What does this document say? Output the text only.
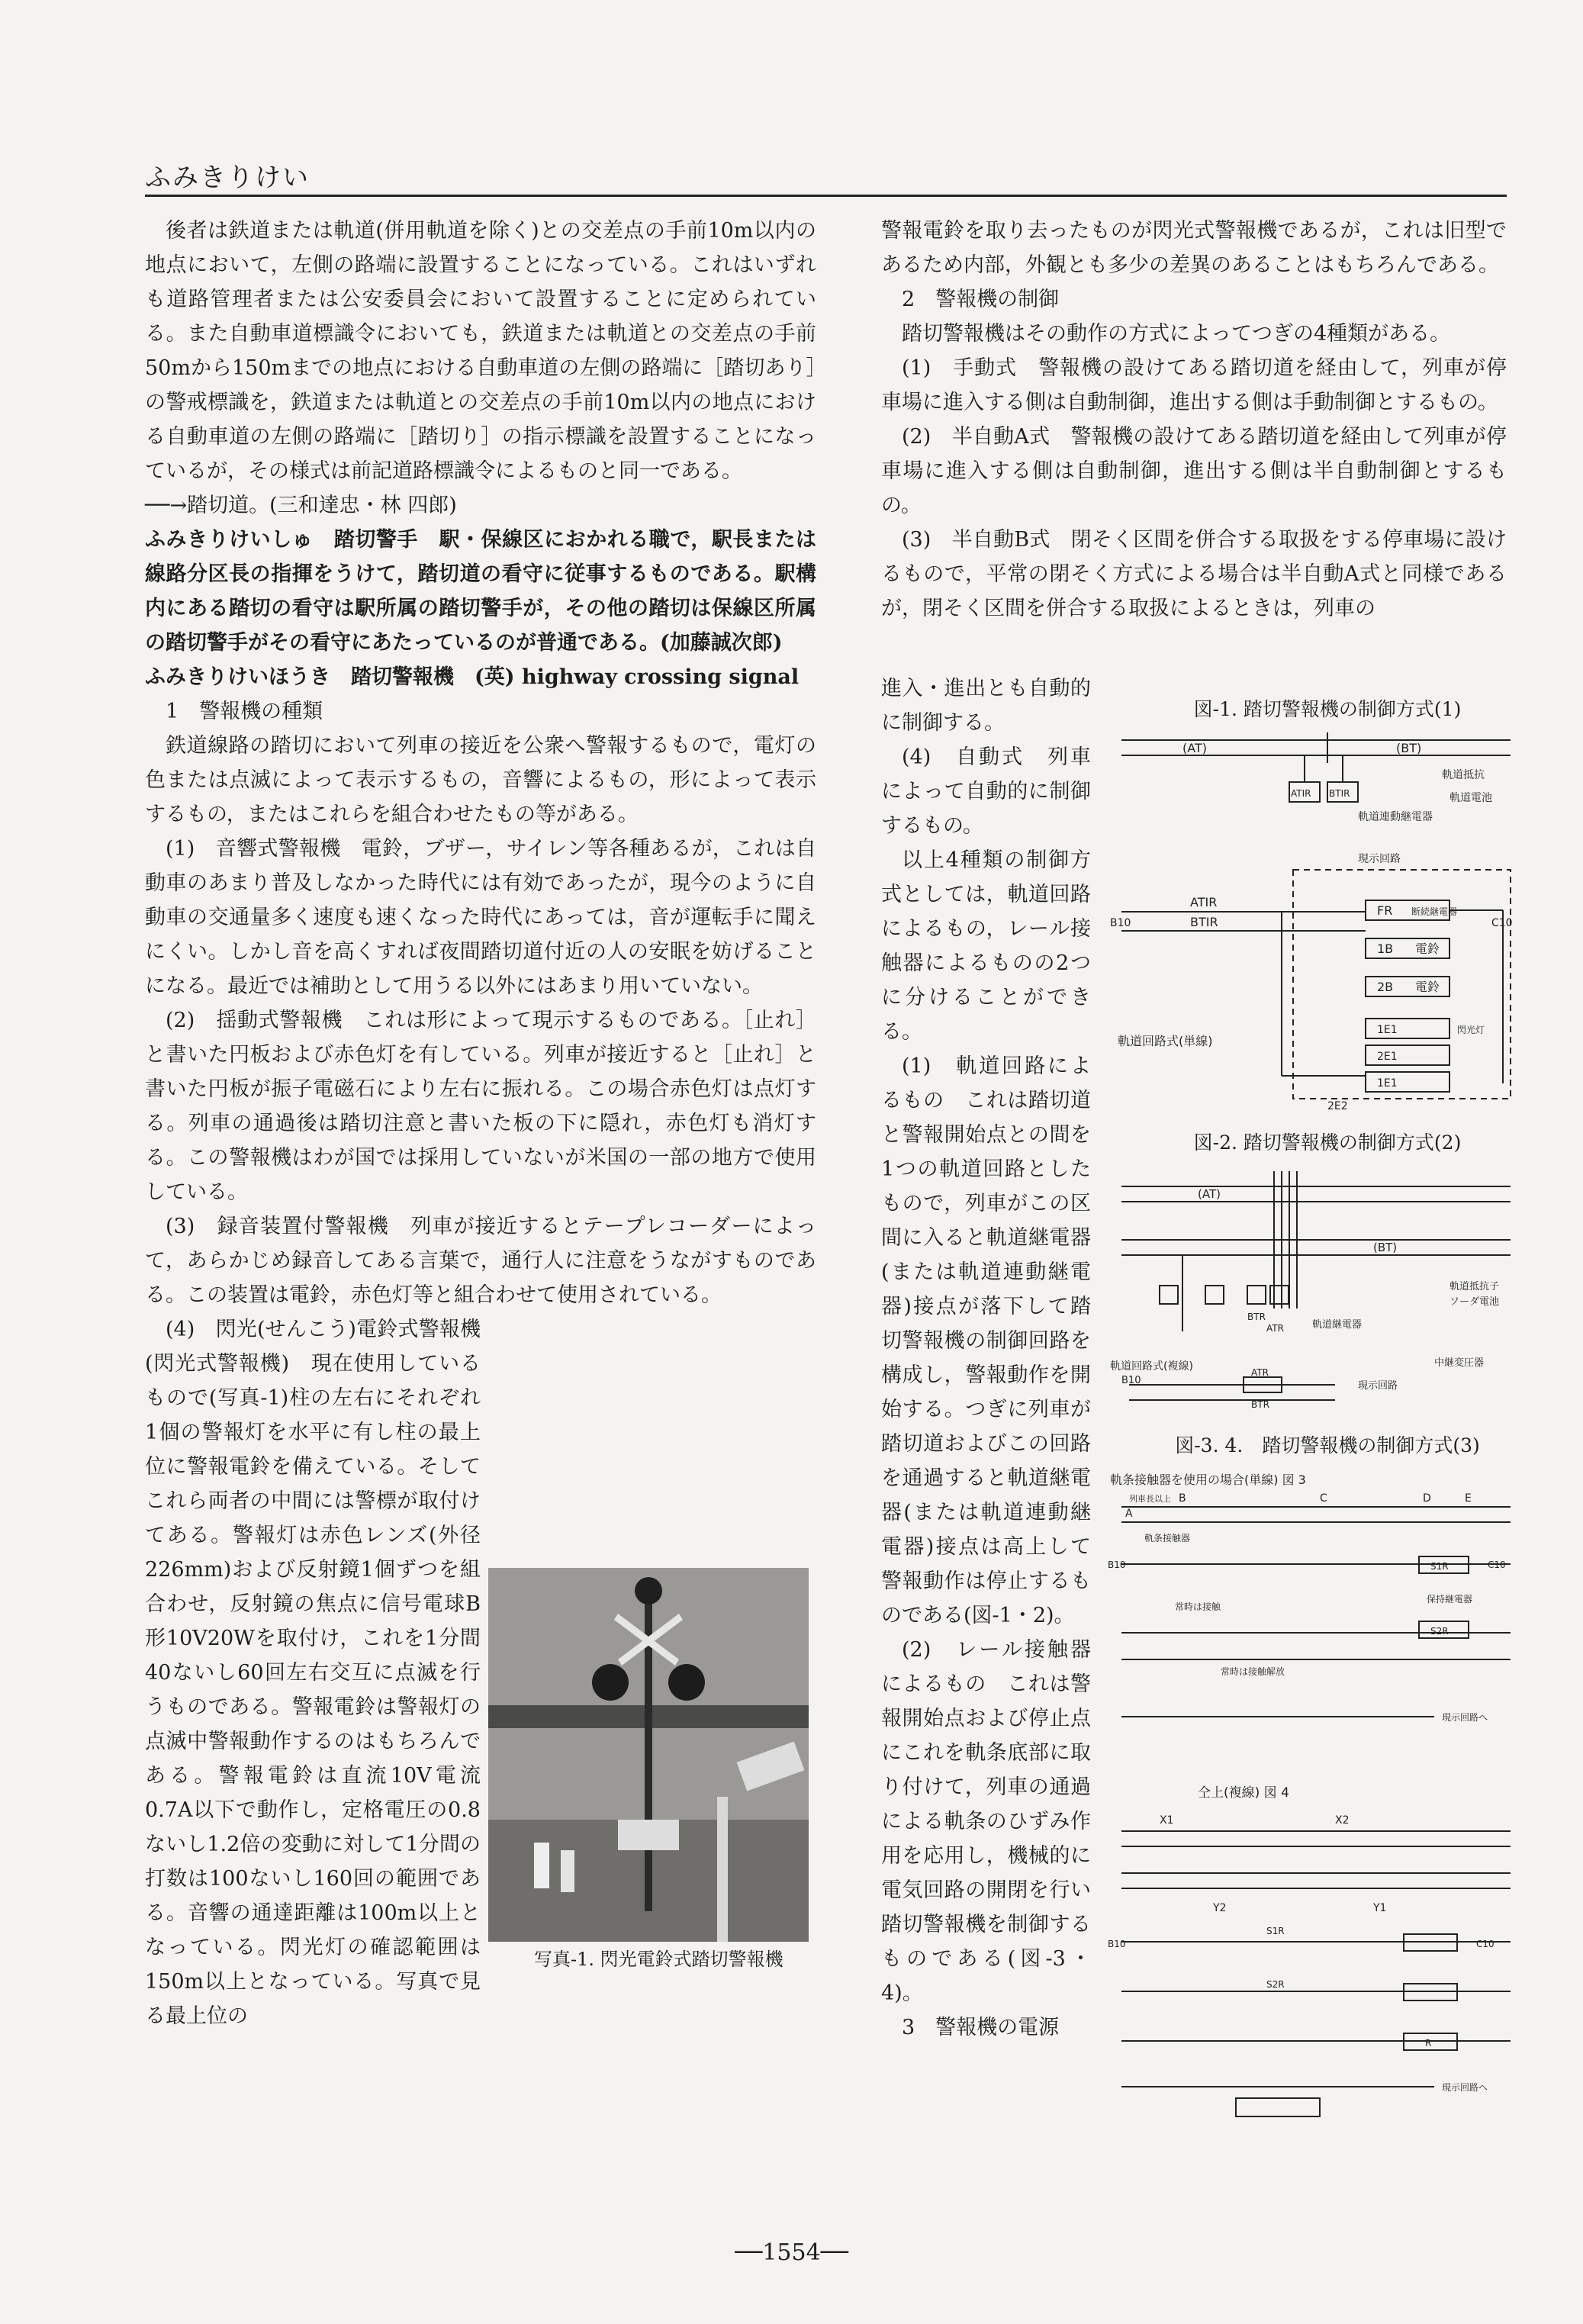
ふみきりけい

後者は鉄道または軌道(併用軌道を除く)との交差点の手前10m以内の地点において，左側の路端に設置することになっている。これはいずれも道路管理者または公安委員会において設置することに定められている。また自動車道標識令においても，鉄道または軌道との交差点の手前50mから150mまでの地点における自動車道の左側の路端に［踏切あり］の警戒標識を，鉄道または軌道との交差点の手前10m以内の地点における自動車道の左側の路端に［踏切り］の指示標識を設置することになっているが，その様式は前記道路標識令によるものと同一である。

──→踏切道。(三和達忠・林 四郎)

ふみきりけいしゅ　踏切警手　駅・保線区におかれる職で，駅長または線路分区長の指揮をうけて，踏切道の看守に従事するものである。駅構内にある踏切の看守は駅所属の踏切警手が，その他の踏切は保線区所属の踏切警手がその看守にあたっているのが普通である。(加藤誠次郎)

ふみきりけいほうき　踏切警報機　(英) highway crossing signal

1　警報機の種類

鉄道線路の踏切において列車の接近を公衆へ警報するもので，電灯の色または点滅によって表示するもの，音響によるもの，形によって表示するもの，またはこれらを組合わせたもの等がある。

(1)　音響式警報機　電鈴，ブザー，サイレン等各種あるが，これは自動車のあまり普及しなかった時代には有効であったが，現今のように自動車の交通量多く速度も速くなった時代にあっては，音が運転手に聞えにくい。しかし音を高くすれば夜間踏切道付近の人の安眠を妨げることになる。最近では補助として用うる以外にはあまり用いていない。

(2)　揺動式警報機　これは形によって現示するものである。［止れ］と書いた円板および赤色灯を有している。列車が接近すると［止れ］と書いた円板が振子電磁石により左右に振れる。この場合赤色灯は点灯する。列車の通過後は踏切注意と書いた板の下に隠れ，赤色灯も消灯する。この警報機はわが国では採用していないが米国の一部の地方で使用している。

(3)　録音装置付警報機　列車が接近するとテープレコーダーによって，あらかじめ録音してある言葉で，通行人に注意をうながすものである。この装置は電鈴，赤色灯等と組合わせて使用されている。

(4)　閃光(せんこう)電鈴式警報機(閃光式警報機)　現在使用しているもので(写真-1)柱の左右にそれぞれ1個の警報灯を水平に有し柱の最上位に警報電鈴を備えている。そしてこれら両者の中間には警標が取付けてある。警報灯は赤色レンズ(外径226mm)および反射鏡1個ずつを組合わせ，反射鏡の焦点に信号電球B形10V20Wを取付け，これを1分間40ないし60回左右交互に点滅を行うものである。警報電鈴は警報灯の点滅中警報動作するのはもちろんである。警報電鈴は直流10V電流0.7A以下で動作し，定格電圧の0.8ないし1.2倍の変動に対して1分間の打数は100ないし160回の範囲である。音響の通達距離は100m以上となっている。閃光灯の確認範囲は150m以上となっている。写真で見る最上位の

写真-1. 閃光電鈴式踏切警報機

警報電鈴を取り去ったものが閃光式警報機であるが，これは旧型であるため内部，外観とも多少の差異のあることはもちろんである。

2　警報機の制御

踏切警報機はその動作の方式によってつぎの4種類がある。

(1)　手動式　警報機の設けてある踏切道を経由して，列車が停車場に進入する側は自動制御，進出する側は手動制御とするもの。

(2)　半自動A式　警報機の設けてある踏切道を経由して列車が停車場に進入する側は自動制御，進出する側は半自動制御とするもの。

(3)　半自動B式　閉そく区間を併合する取扱をする停車場に設けるもので，平常の閉そく方式による場合は半自動A式と同様であるが，閉そく区間を併合する取扱によるときは，列車の

進入・進出とも自動的に制御する。

(4)　自動式　列車によって自動的に制御するもの。

以上4種類の制御方式としては，軌道回路によるもの，レール接触器によるものの2つに分けることができる。

(1)　軌道回路によるもの　これは踏切道と警報開始点との間を1つの軌道回路としたもので，列車がこの区間に入ると軌道継電器(または軌道連動継電器)接点が落下して踏切警報機の制御回路を構成し，警報動作を開始する。つぎに列車が踏切道およびこの回路を通過すると軌道継電器(または軌道連動継電器)接点は高上して警報動作は停止するものである(図-1・2)。

(2)　レール接触器によるもの　これは警報開始点および停止点にこれを軌条底部に取り付けて，列車の通過による軌条のひずみ作用を応用し，機械的に電気回路の開閉を行い踏切警報機を制御するものである(図-3・4)。

3　警報機の電源

図-1. 踏切警報機の制御方式(1)
(AT)	(BT)
ATIR BTIR
軌道抵抗
軌道電池
軌道連動継電器
現示回路
ATIR
BTIR
B10	C10
FR 断続継電器
1B 電鈴
2B 電鈴
1E1
2E1
1E1
2E2
閃光灯
軌道回路式(単線)
図-2. 踏切警報機の制御方式(2)
(AT)
(BT)
BTR
ATR	軌道継電器
軌道抵抗子
ソーダ電池
中継変圧器
軌道回路式(複線)
B10
ATR
BTR
現示回路
図-3. 4.　踏切警報機の制御方式(3)
軌条接触器を使用の場合(単線) 図 3
列車長以上
A
B	C	D	E
軌条接触器
B10	S1R	C10
S2R
保持継電器
常時は接触
常時は接触解放
現示回路へ
仝上(複線) 図 4
X1	X2
Y1
Y2
B10
S1R
S2R
R
C10
現示回路へ
──1554──
